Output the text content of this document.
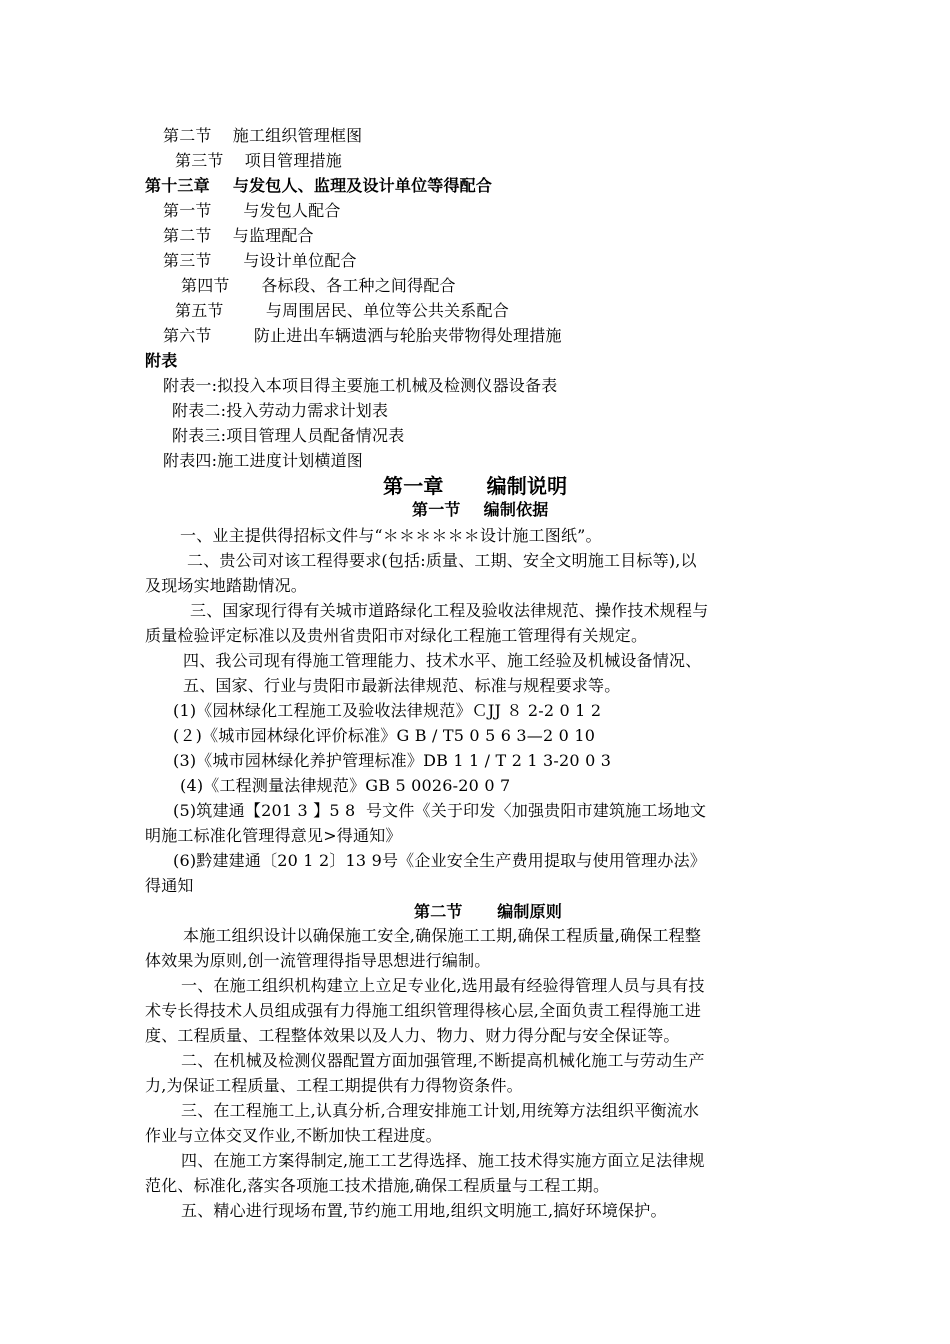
第二节    施工组织管理框图
第三节    项目管理措施
第十三章    与发包人、监理及设计单位等得配合
第一节      与发包人配合
第二节    与监理配合
第三节      与设计单位配合
第四节      各标段、各工种之间得配合
第五节        与周围居民、单位等公共关系配合
第六节        防止进出车辆遗洒与轮胎夹带物得处理措施
附表
附表一:拟投入本项目得主要施工机械及检测仪器设备表
附表二:投入劳动力需求计划表
附表三:项目管理人员配备情况表
附表四:施工进度计划横道图
第一章      编制说明
第一节    编制依据
一、业主提供得招标文件与“＊＊＊＊＊＊设计施工图纸”。
二、贵公司对该工程得要求(包括:质量、工期、安全文明施工目标等),以
及现场实地踏勘情况。
三、国家现行得有关城市道路绿化工程及验收法律规范、操作技术规程与
质量检验评定标准以及贵州省贵阳市对绿化工程施工管理得有关规定。
四、我公司现有得施工管理能力、技术水平、施工经验及机械设备情况、
五、国家、行业与贵阳市最新法律规范、标准与规程要求等。
(1)《园林绿化工程施工及验收法律规范》ＣJJ ８ 2-2 0 1 2
(２)《城市园林绿化评价标准》G B / T5 0 5 6 3—2 0 10
(3)《城市园林绿化养护管理标准》DB 1 1 / T 2 1 3-20 0 3
(4)《工程测量法律规范》GB 5 0026-20 0 7
(5)筑建通【201 3 】5 8  号文件《关于印发〈加强贵阳市建筑施工场地文
明施工标准化管理得意见>得通知》
(6)黔建建通〔20 1 2〕13 9号《企业安全生产费用提取与使用管理办法》
得通知
第二节      编制原则
本施工组织设计以确保施工安全,确保施工工期,确保工程质量,确保工程整
体效果为原则,创一流管理得指导思想进行编制。
一、在施工组织机构建立上立足专业化,选用最有经验得管理人员与具有技
术专长得技术人员组成强有力得施工组织管理得核心层,全面负责工程得施工进
度、工程质量、工程整体效果以及人力、物力、财力得分配与安全保证等。
二、在机械及检测仪器配置方面加强管理,不断提高机械化施工与劳动生产
力,为保证工程质量、工程工期提供有力得物资条件。
三、在工程施工上,认真分析,合理安排施工计划,用统筹方法组织平衡流水
作业与立体交叉作业,不断加快工程进度。
四、在施工方案得制定,施工工艺得选择、施工技术得实施方面立足法律规
范化、标准化,落实各项施工技术措施,确保工程质量与工程工期。
五、精心进行现场布置,节约施工用地,组织文明施工,搞好环境保护。
